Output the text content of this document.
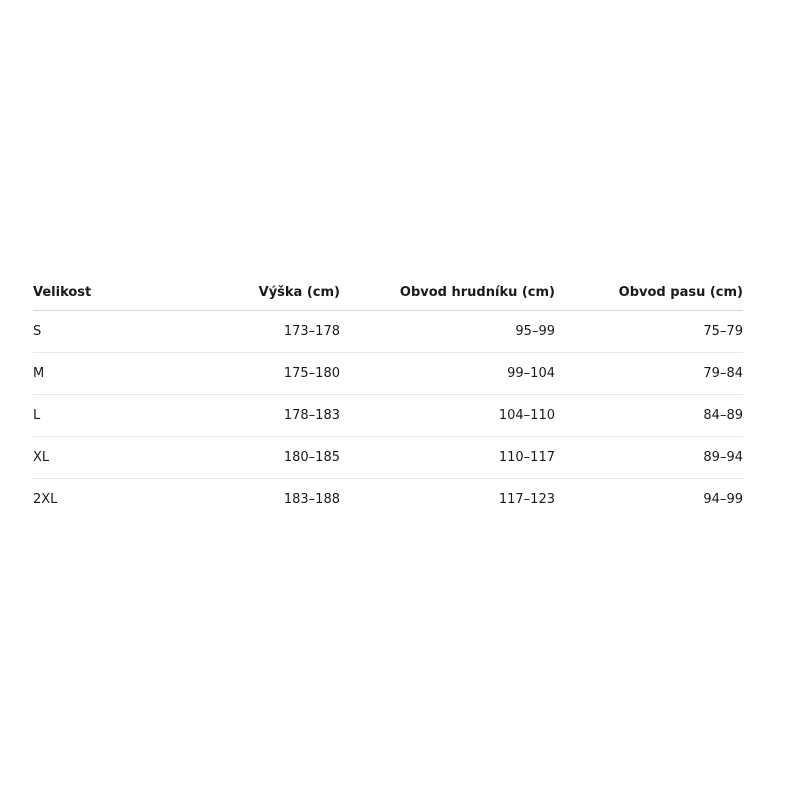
Velikost	Výška (cm)	Obvod hrudníku (cm)	Obvod pasu (cm)
S	173–178	95–99	75–79
M	175–180	99–104	79–84
L	178–183	104–110	84–89
XL	180–185	110–117	89–94
2XL	183–188	117–123	94–99
